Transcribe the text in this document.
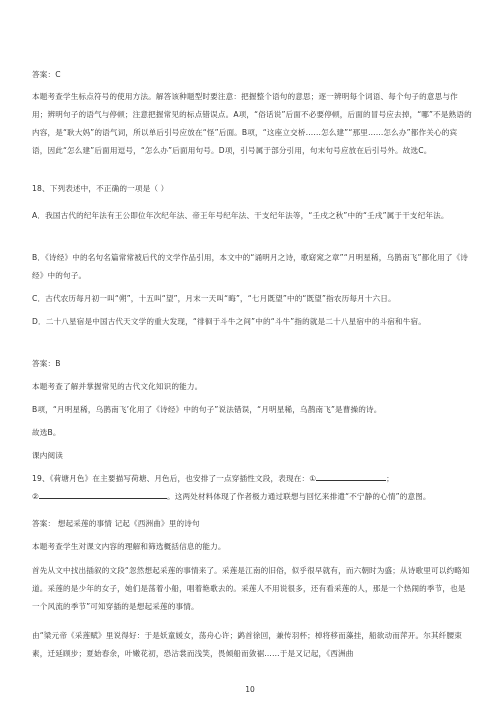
答案：C

本题考查学生标点符号的使用方法。解答该种题型时要注意：把握整个语句的意思；逐一辨明每个词语、每个句子的意思与作用；辨明句子的语气与停顿；注意把握常见的标点错误点。A项，“俗话说”后面不必要停顿，后面的冒号应去掉，“哪”不是熟语的内容，是“耿大妈”的语气词，所以单后引号应放在“怪”后面。B项，“这座立交桥……怎么建”“那里……怎么办”都作关心的宾语，因此“怎么建”后面用逗号，“怎么办”后面用句号。D项，引号属于部分引用，句末句号应放在后引号外。故选C。

18、下列表述中，不正确的一项是（ ）

A．我国古代的纪年法有王公即位年次纪年法、帝王年号纪年法、干支纪年法等，“壬戌之秋”中的“壬戌”属于干支纪年法。

B．《诗经》中的名句名篇常常被后代的文学作品引用，本文中的“诵明月之诗，歌窈窕之章”“月明星稀，乌鹊南飞”都化用了《诗经》中的句子。

C．古代农历每月初一叫“朔”，十五叫“望”，月末一天叫“晦”，“七月既望”中的“既望”指农历每月十六日。

D．二十八星宿是中国古代天文学的重大发现，“徘徊于斗牛之间”中的“斗牛”指的就是二十八星宿中的斗宿和牛宿。

答案：B

本题考查了解并掌握常见的古代文化知识的能力。

B项，“月明星稀，乌鹊南飞’化用了《诗经》中的句子”说法错误，“月明星稀，乌鹊南飞”是曹操的诗。

故选B。

课内阅读

19、《荷塘月色》在主要描写荷塘、月色后，也安排了一点穿插性文段，表现在：①	；
②	。这两处材料体现了作者极力通过联想与回忆来排遣“不宁静的心情”的意图。

答案： 想起采莲的事情 记起《西洲曲》里的诗句

本题考查学生对课文内容的理解和筛选概括信息的能力。

首先从文中找出插叙的文段“忽然想起采莲的事情来了。采莲是江南的旧俗，似乎很早就有，而六朝时为盛；从诗歌里可以约略知道。采莲的是少年的女子，她们是荡着小船，唱着艳歌去的。采莲人不用说很多，还有看采莲的人，那是一个热闹的季节，也是一个风流的季节”可知穿插的是想起采莲的事情。

由“梁元帝《采莲赋》里说得好：于是妖童媛女，荡舟心许；鹢首徐回，兼传羽杯；棹将移而藻挂，船欲动而萍开。尔其纤腰束素，迁延顾步；夏始春余，叶嫩花初，恐沾裳而浅笑，畏倾船而敛裾……于是又记起，《西洲曲

10
